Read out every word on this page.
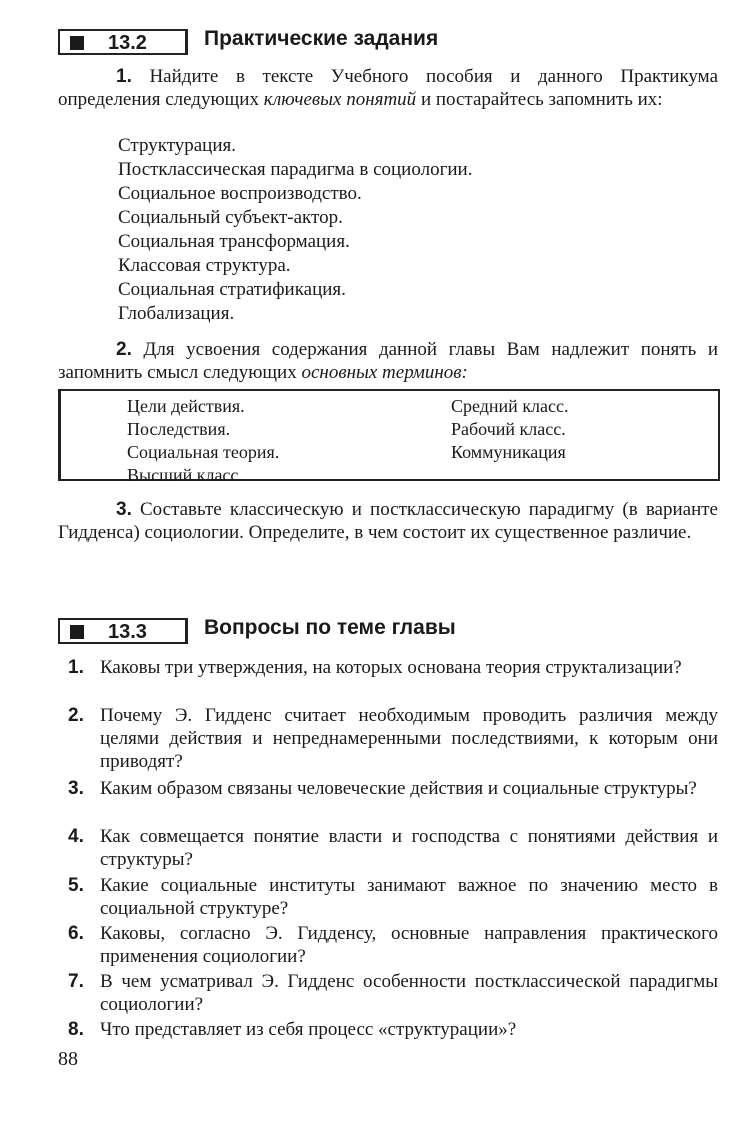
13.2	Практические задания
1. Найдите в тексте Учебного пособия и данного Практикума определения следующих ключевых понятий и постарайтесь запомнить их:
Структурация.
Постклассическая парадигма в социологии.
Социальное воспроизводство.
Социальный субъект-актор.
Социальная трансформация.
Классовая структура.
Социальная стратификация.
Глобализация.
2. Для усвоения содержания данной главы Вам надлежит понять и запомнить смысл следующих основных терминов:
Цели действия.
Последствия.
Социальная теория.
Высший класс.
Средний класс.
Рабочий класс.
Коммуникация
3. Составьте классическую и постклассическую парадигму (в варианте Гидденса) социологии. Определите, в чем состоит их существенное различие.
13.3	Вопросы по теме главы
1. Каковы три утверждения, на которых основана теория структализации?
2. Почему Э. Гидденс считает необходимым проводить различия между целями действия и непреднамеренными последствиями, к которым они приводят?
3. Каким образом связаны человеческие действия и социальные структуры?
4. Как совмещается понятие власти и господства с понятиями действия и структуры?
5. Какие социальные институты занимают важное по значению место в социальной структуре?
6. Каковы, согласно Э. Гидденсу, основные направления практического применения социологии?
7. В чем усматривал Э. Гидденс особенности постклассической парадигмы социологии?
8. Что представляет из себя процесс «структурации»?
88
